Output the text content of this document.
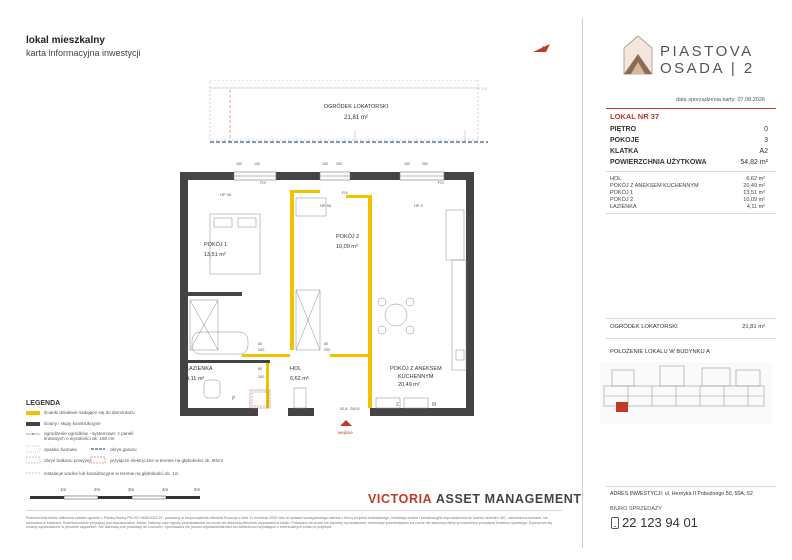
lokal mieszkalny
karta informacyjna inwestycji	N	PIASTOVA
OSADA | 2
data sporządzenia karty: 07.08.2026
LOKAL NR 37
PIĘTRO	0
POKOJE	3
KLATKA	A2
POWIERZCHNIA UŻYTKOWA	54,82 m²
HOL	6,62 m²
POKÓJ Z ANEKSEM KUCHENNYM	20,49 m²
POKÓJ 1	13,51 m²
POKÓJ 2	10,09 m²
ŁAZIENKA	4,11 m²
OGRÓDEK LOKATORSKI	21,81 m²
POŁOŻENIE LOKALU W BUDYNKU A
ADRES INWESTYCJI: ul. Henryka II Pobożnego 50, 50A, 52
BIURO SPRZEDAŻY
22 123 94 01
OGRÓDEK LOKATORSKI
21,81 m²
1.0
160	140	160 250	160	250
FIX
FIX
FIX
HP 90
HP 90	HP 0
M
Z
P
POKÓJ 1
13,51 m²
POKÓJ 2
10,09 m²
ŁAZIENKA
4,11 m²
HOL
6,62 m²
POKÓJ Z ANEKSEM
KUCHENNYM
20,49 m²
80
200
80
200
80
200
92,8 200,8
wejście
LEGENDA
ścianki działowe nadające się do demontażu
ściany i słupy konstrukcyjne
ogrodzenie ogródków - systemowe, z paneli kratowych o wysokości ok. 150 cm
opaska żwirowa	obrys garażu
obrys balkonu powyżej	przyłącze elektryczne w terenie na głębokości ok. 80cm
instalacje wodne lub kanalizacyjne w terenie na głębokości ok. 1m
1m	2m	3m	4m	5m
VICTORIA ASSET MANAGEMENT
Powierzchnia lokalu obliczona została zgodnie z Polską Normą PN-ISO 9836:2022-07, powołaną w rozporządzeniu Ministra Rozwoju z dnia 11 września 2020 roku w sprawie szczegółowego zakresu i formy projektu budowlanego. Instalacja wodna i kanalizacyjna doprowadzona do kuchni, łazienki i WC, zakończona korkami, nie schowana w ścianach. Rozmieszczenie przyłączy jest dopuszczalne. Meble, balkony oraz ogrody przedstawione na rzucie nie stanowią elementu wyposażenia lokalu. Pokazane na rzucie nie wymiary są ostateczne. Informacje przedstawione na rzucie nie stanowią oferty w rozumieniu przepisów Kodeksu cywilnego. Dopuszcza się zmiany wprowadzone w procesie uzgodnień. Nie stanowią one podstawy do roszczeń. Sprzedawca nie ponosi odpowiedzialności za rozbieżności wynikające z ewentualnych zmian w projekcie.
